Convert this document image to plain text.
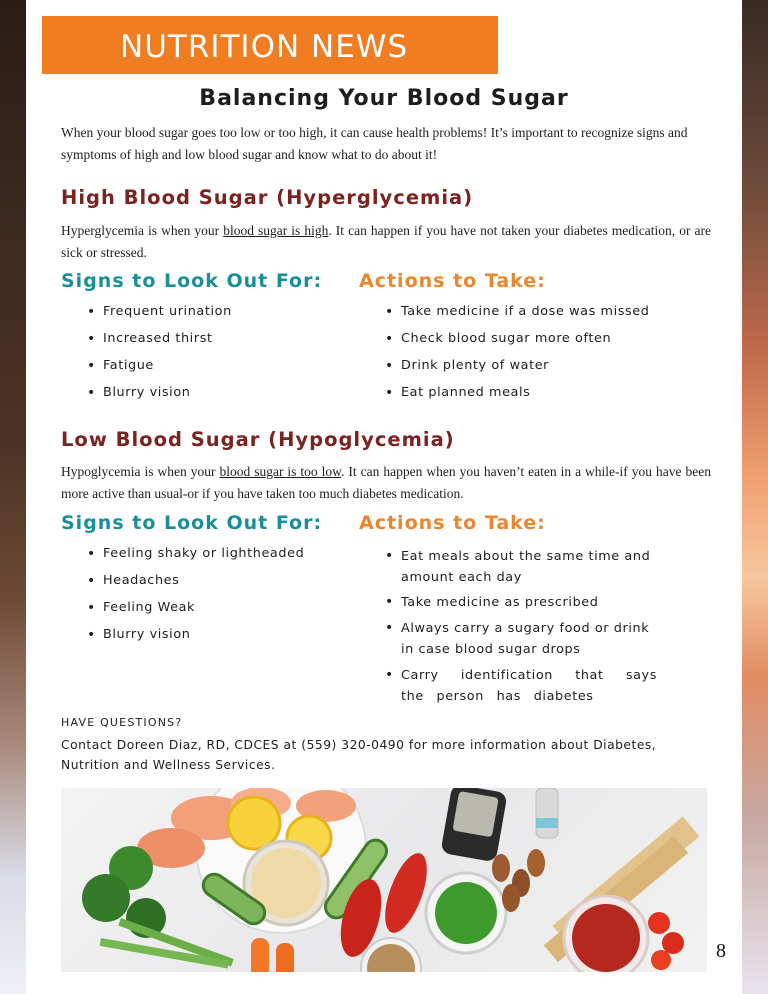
NUTRITION NEWS
Balancing Your Blood Sugar

When your blood sugar goes too low or too high, it can cause health problems! It’s important to recognize signs and symptoms of high and low blood sugar and know what to do about it!

High Blood Sugar (Hyperglycemia)

Hyperglycemia is when your blood sugar is high. It can happen if you have not taken your diabetes medication, or are sick or stressed.

Signs to Look Out For: Actions to Take:
• Frequent urination
• Increased thirst
• Fatigue
• Blurry vision
• Take medicine if a dose was missed
• Check blood sugar more often
• Drink plenty of water
• Eat planned meals
Low Blood Sugar (Hypoglycemia)

Hypoglycemia is when your blood sugar is too low. It can happen when you haven’t eaten in a while-if you have been more active than usual-or if you have taken too much diabetes medication.

Signs to Look Out For: Actions to Take:
• Feeling shaky or lightheaded
• Headaches
• Feeling Weak
• Blurry vision
• Eat meals about the same time and amount each day
• Take medicine as prescribed
• Always carry a sugary food or drink in case blood sugar drops
• Carry identification that says the person has diabetes
HAVE QUESTIONS?
Contact Doreen Diaz, RD, CDCES at (559) 320-0490 for more information about Diabetes, Nutrition and Wellness Services.
8
